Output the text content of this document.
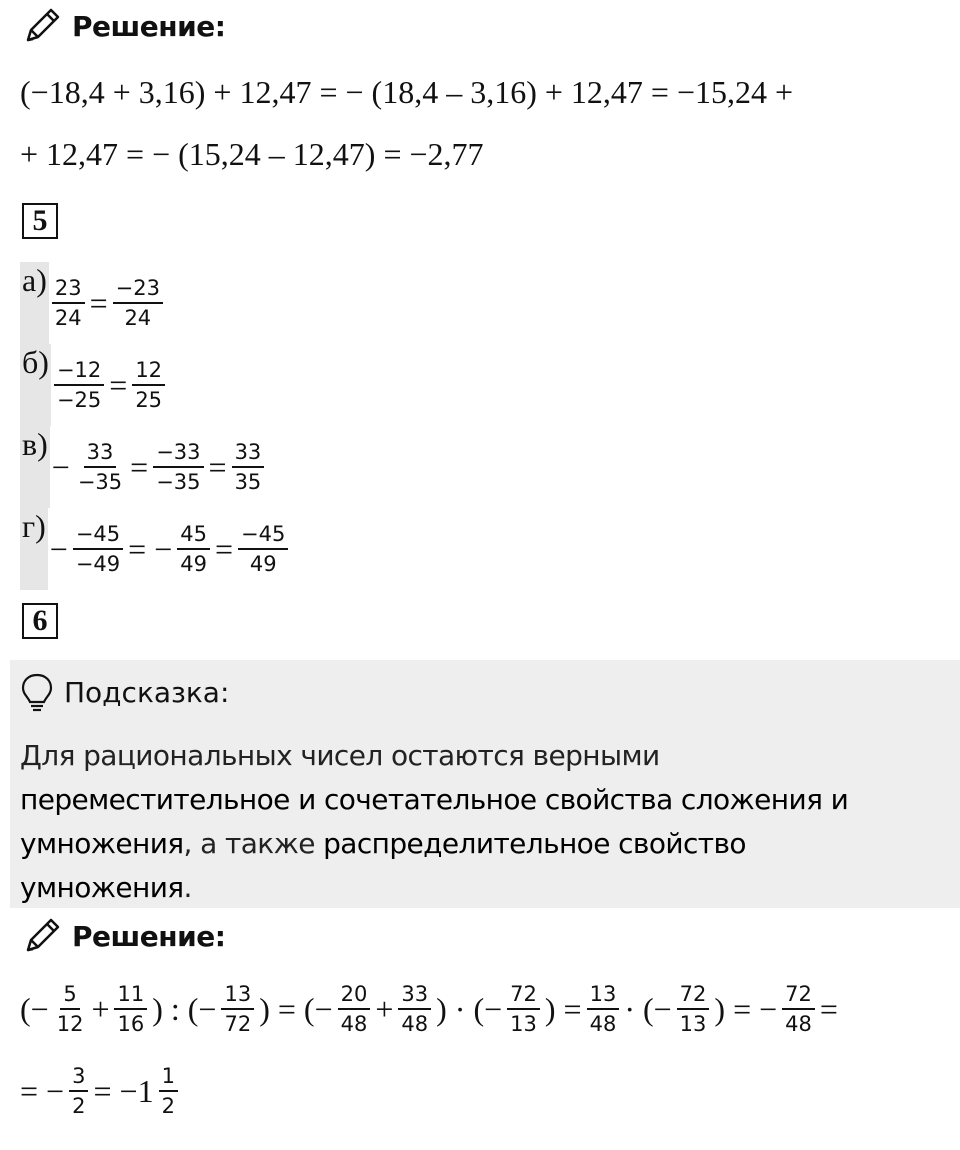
Решение:
(−18,4 + 3,16) + 12,47 = − (18,4 – 3,16) + 12,47 = −15,24 +
+ 12,47 = − (15,24 – 12,47) = −2,77
5
$а) \frac{23}{24} = \frac{-23}{24}$
$б) \frac{-12}{-25} = \frac{12}{25}$
в)
− $\frac{33}{-35} = \frac{-33}{-35} = \frac{33}{35}$
г)
− $\frac{-45}{-49}$ = − $\frac{45}{49} = \frac{-45}{49}$
6
Подсказка:
Для рациональных чисел остаются верными
переместительное и сочетательное свойства сложения и умножения, а также распределительное свойство умножения.
Решение:
(− $\frac{5}{12} + \frac{11}{16}$ ) : (− $\frac{13}{72}$ ) = (− $\frac{20}{48} + \frac{33}{48}$ ) · (− $\frac{72}{13}$ ) = $\frac{13}{48}$ · (− $\frac{72}{13}$ ) = − $\frac{72}{48}$ =
= − $\frac{3}{2} = -1 \frac{1}{2}$
